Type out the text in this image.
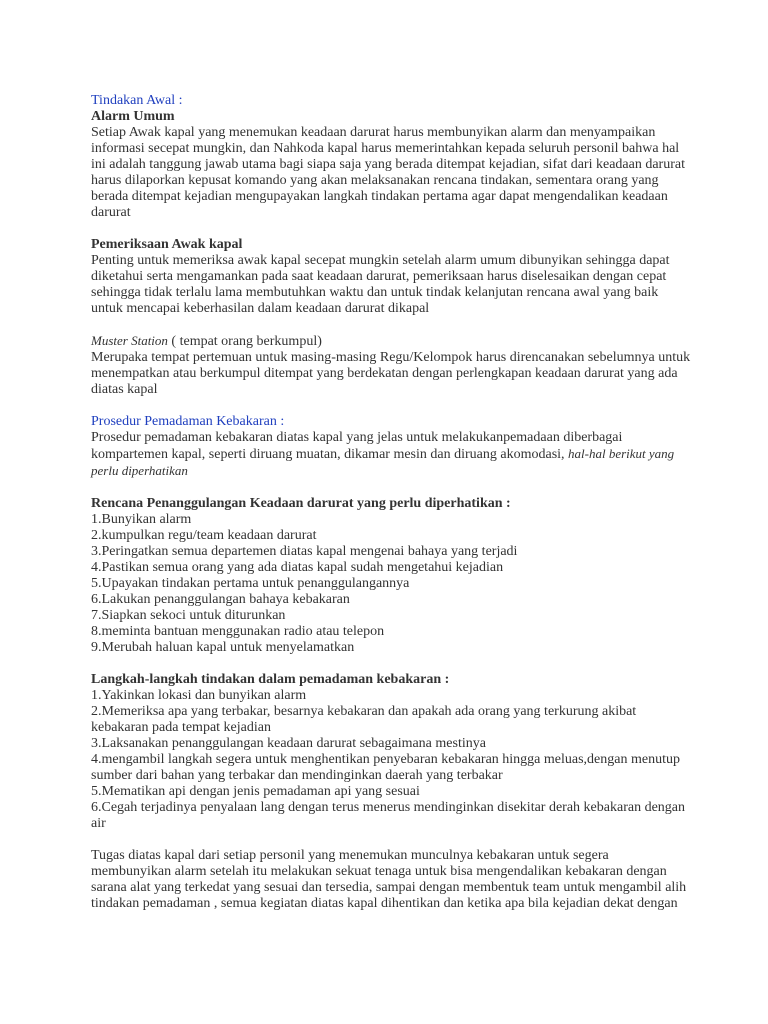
Tindakan Awal :

Alarm Umum

Setiap Awak kapal yang menemukan keadaan darurat harus membunyikan alarm dan menyampaikan informasi secepat mungkin, dan Nahkoda kapal harus memerintahkan kepada seluruh personil bahwa hal ini adalah tanggung jawab utama bagi siapa saja yang berada ditempat kejadian, sifat dari keadaan darurat harus dilaporkan kepusat komando yang akan melaksanakan rencana tindakan, sementara orang yang berada ditempat kejadian mengupayakan langkah tindakan pertama agar dapat mengendalikan keadaan darurat

Pemeriksaan Awak kapal

Penting untuk memeriksa awak kapal secepat mungkin setelah alarm umum dibunyikan sehingga dapat diketahui serta mengamankan pada saat keadaan darurat, pemeriksaan harus diselesaikan dengan cepat sehingga tidak terlalu lama membutuhkan waktu dan untuk tindak kelanjutan rencana awal yang baik untuk mencapai keberhasilan dalam keadaan darurat dikapal

Muster Station ( tempat orang berkumpul)

Merupaka tempat pertemuan untuk masing-masing Regu/Kelompok harus direncanakan sebelumnya untuk menempatkan atau berkumpul ditempat yang berdekatan dengan perlengkapan keadaan darurat yang ada diatas kapal

Prosedur Pemadaman Kebakaran :

Prosedur pemadaman kebakaran diatas kapal yang jelas untuk melakukanpemadaan diberbagai kompartemen kapal, seperti diruang muatan, dikamar mesin dan diruang akomodasi, hal-hal berikut yang perlu diperhatikan

Rencana Penanggulangan Keadaan darurat yang perlu diperhatikan :

1.Bunyikan alarm
2.kumpulkan regu/team keadaan darurat
3.Peringatkan semua departemen diatas kapal mengenai bahaya yang terjadi
4.Pastikan semua orang yang ada diatas kapal sudah mengetahui kejadian
5.Upayakan tindakan pertama untuk penanggulangannya
6.Lakukan penanggulangan bahaya kebakaran
7.Siapkan sekoci untuk diturunkan
8.meminta bantuan menggunakan radio atau telepon
9.Merubah haluan kapal untuk menyelamatkan

Langkah-langkah tindakan dalam pemadaman kebakaran :

1.Yakinkan lokasi dan bunyikan alarm
2.Memeriksa apa yang terbakar, besarnya kebakaran dan apakah ada orang yang terkurung akibat kebakaran pada tempat kejadian
3.Laksanakan penanggulangan keadaan darurat sebagaimana mestinya
4.mengambil langkah segera untuk menghentikan penyebaran kebakaran hingga meluas,dengan menutup sumber dari bahan yang terbakar dan mendinginkan daerah yang terbakar
5.Mematikan api dengan jenis pemadaman api yang sesuai
6.Cegah terjadinya penyalaan lang dengan terus menerus mendinginkan disekitar derah kebakaran dengan air

Tugas diatas kapal dari setiap personil yang menemukan munculnya kebakaran untuk segera membunyikan alarm setelah itu melakukan sekuat tenaga untuk bisa mengendalikan kebakaran dengan sarana alat yang terkedat yang sesuai dan tersedia, sampai dengan membentuk team untuk mengambil alih tindakan pemadaman , semua kegiatan diatas kapal dihentikan dan ketika apa bila kejadian dekat dengan
